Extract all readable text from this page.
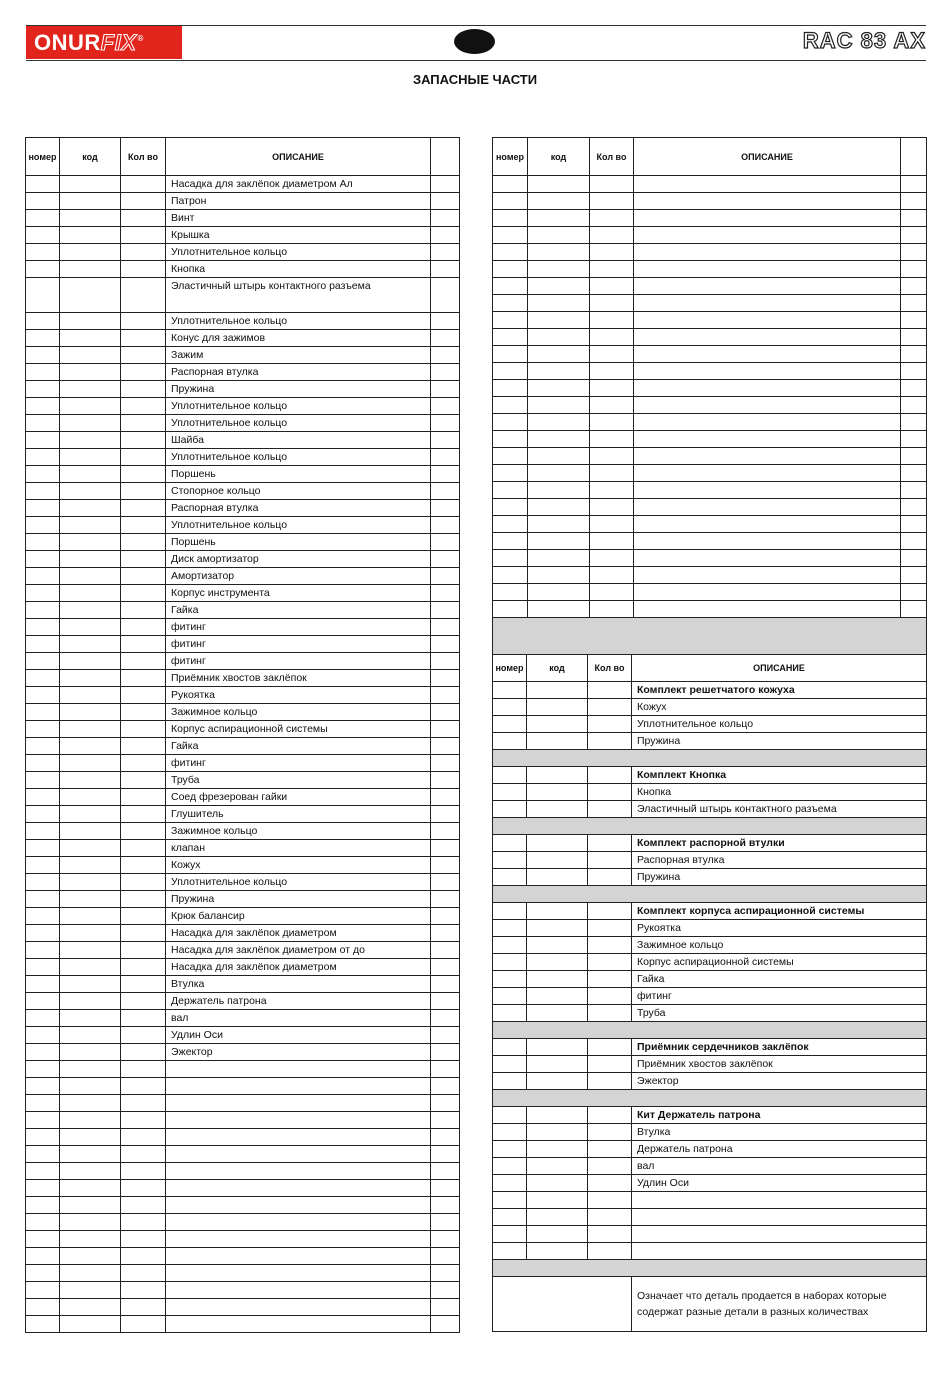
ONURFIX®	RAC 83 AX
ЗАПАСНЫЕ ЧАСТИ
номер	код	Кол во	ОПИСАНИЕ	
			Насадка для заклёпок диаметром Ал	
			Патрон	
			Винт	
			Крышка	
			Уплотнительное кольцо	
			Кнопка	
			Эластичный штырь контактного разъема	
			Уплотнительное кольцо	
			Конус для зажимов	
			Зажим	
			Распорная втулка	
			Пружина	
			Уплотнительное кольцо	
			Уплотнительное кольцо	
			Шайба	
			Уплотнительное кольцо	
			Поршень	
			Стопорное кольцо	
			Распорная втулка	
			Уплотнительное кольцо	
			Поршень	
			Диск амортизатор	
			Амортизатор	
			Корпус инструмента	
			Гайка	
			фитинг	
			фитинг	
			фитинг	
			Приёмник хвостов заклёпок	
			Рукоятка	
			Зажимное кольцо	
			Корпус аспирационной системы	
			Гайка	
			фитинг	
			Труба	
			Соед фрезерован гайки	
			Глушитель	
			Зажимное кольцо	
			клапан	
			Кожух	
			Уплотнительное кольцо	
			Пружина	
			Крюк балансир	
			Насадка для заклёпок диаметром	
			Насадка для заклёпок диаметром от до	
			Насадка для заклёпок диаметром	
			Втулка	
			Держатель патрона	
			вал	
			Удлин Оси	
			Эжектор	

номер	код	Кол во	ОПИСАНИЕ	

номер	код	Кол во	ОПИСАНИЕ
			Комплект решетчатого кожуха
			Кожух
			Уплотнительное кольцо
			Пружина

			Комплект Кнопка
			Кнопка
			Эластичный штырь контактного разъема

			Комплект распорной втулки
			Распорная втулка
			Пружина

			Комплект корпуса аспирационной системы
			Рукоятка
			Зажимное кольцо
			Корпус аспирационной системы
			Гайка
			фитинг
			Труба

			Приёмник сердечников заклёпок
			Приёмник хвостов заклёпок
			Эжектор

			Кит Держатель патрона
			Втулка
			Держатель патрона
			вал
			Удлин Оси

			Означает что деталь продается в наборах которые содержат разные детали в разных количествах
